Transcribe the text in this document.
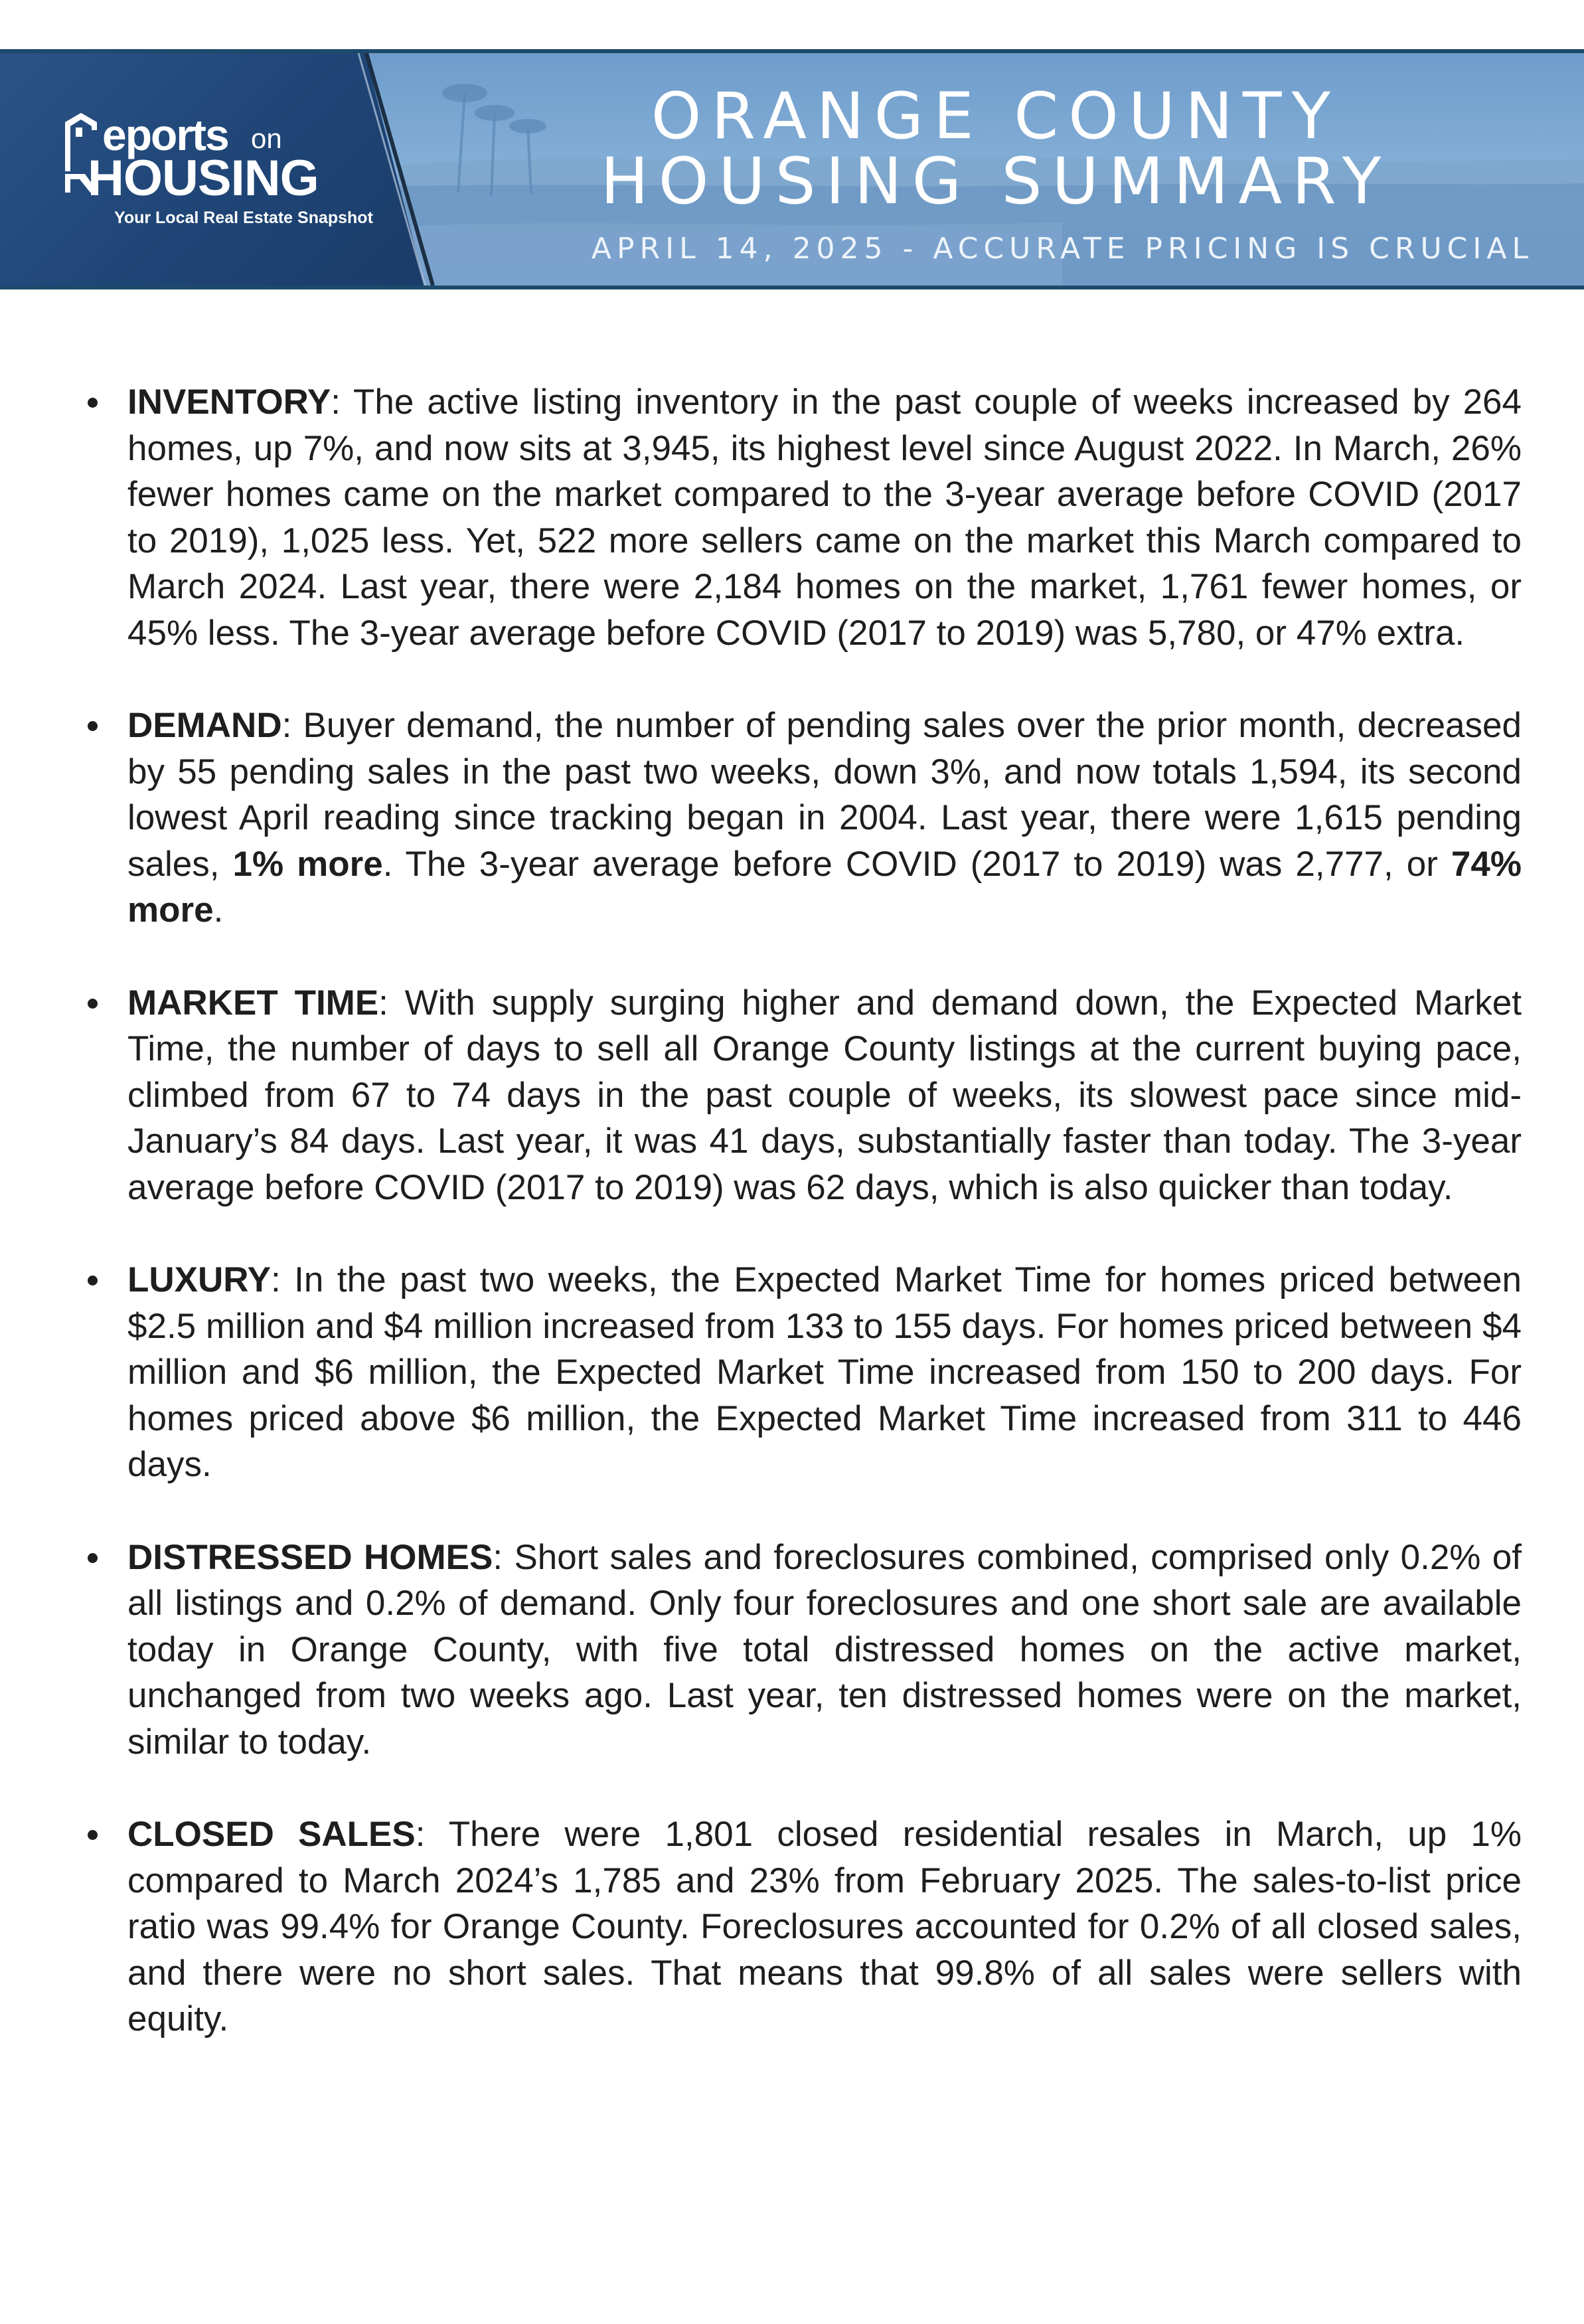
eports on
HOUSING
Your Local Real Estate Snapshot
ORANGE COUNTY
HOUSING SUMMARY
APRIL 14, 2025 - ACCURATE PRICING IS CRUCIAL

INVENTORY: The active listing inventory in the past couple of weeks increased by 264 homes, up 7%, and now sits at 3,945, its highest level since August 2022. In March, 26% fewer homes came on the market compared to the 3-year average before COVID (2017 to 2019), 1,025 less. Yet, 522 more sellers came on the market this March compared to March 2024. Last year, there were 2,184 homes on the market, 1,761 fewer homes, or 45% less. The 3-year average before COVID (2017 to 2019) was 5,780, or 47% extra.

DEMAND: Buyer demand, the number of pending sales over the prior month, decreased by 55 pending sales in the past two weeks, down 3%, and now totals 1,594, its second lowest April reading since tracking began in 2004. Last year, there were 1,615 pending sales, 1% more. The 3-year average before COVID (2017 to 2019) was 2,777, or 74% more.

MARKET TIME: With supply surging higher and demand down, the Expected Market Time, the number of days to sell all Orange County listings at the current buying pace, climbed from 67 to 74 days in the past couple of weeks, its slowest pace since mid-January’s 84 days. Last year, it was 41 days, substantially faster than today. The 3-year average before COVID (2017 to 2019) was 62 days, which is also quicker than today.

LUXURY: In the past two weeks, the Expected Market Time for homes priced between $2.5 million and $4 million increased from 133 to 155 days. For homes priced between $4 million and $6 million, the Expected Market Time increased from 150 to 200 days. For homes priced above $6 million, the Expected Market Time increased from 311 to 446 days.

DISTRESSED HOMES: Short sales and foreclosures combined, comprised only 0.2% of all listings and 0.2% of demand. Only four foreclosures and one short sale are available today in Orange County, with five total distressed homes on the active market, unchanged from two weeks ago. Last year, ten distressed homes were on the market, similar to today.

CLOSED SALES: There were 1,801 closed residential resales in March, up 1% compared to March 2024’s 1,785 and 23% from February 2025. The sales-to-list price ratio was 99.4% for Orange County. Foreclosures accounted for 0.2% of all closed sales, and there were no short sales. That means that 99.8% of all sales were sellers with equity.
